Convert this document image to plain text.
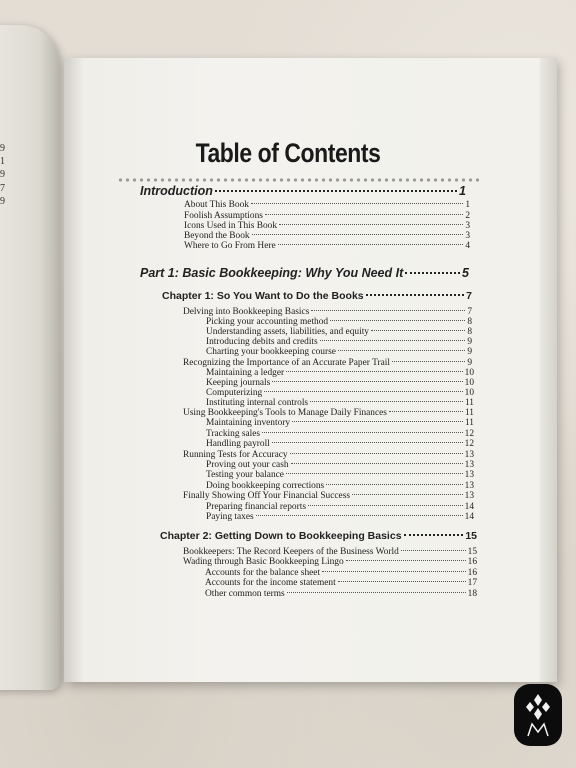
9
1
9
7
9
Table of Contents
Introduction	1
About This Book	1
Foolish Assumptions	2
Icons Used in This Book	3
Beyond the Book	3
Where to Go From Here	4
Part 1: Basic Bookkeeping: Why You Need It	5
Chapter 1: So You Want to Do the Books	7
Delving into Bookkeeping Basics	7
Picking your accounting method	8
Understanding assets, liabilities, and equity	8
Introducing debits and credits	9
Charting your bookkeeping course	9
Recognizing the Importance of an Accurate Paper Trail	9
Maintaining a ledger	10
Keeping journals	10
Computerizing	10
Instituting internal controls	11
Using Bookkeeping's Tools to Manage Daily Finances	11
Maintaining inventory	11
Tracking sales	12
Handling payroll	12
Running Tests for Accuracy	13
Proving out your cash	13
Testing your balance	13
Doing bookkeeping corrections	13
Finally Showing Off Your Financial Success	13
Preparing financial reports	14
Paying taxes	14
Chapter 2: Getting Down to Bookkeeping Basics	15
Bookkeepers: The Record Keepers of the Business World	15
Wading through Basic Bookkeeping Lingo	16
Accounts for the balance sheet	16
Accounts for the income statement	17
Other common terms	18
